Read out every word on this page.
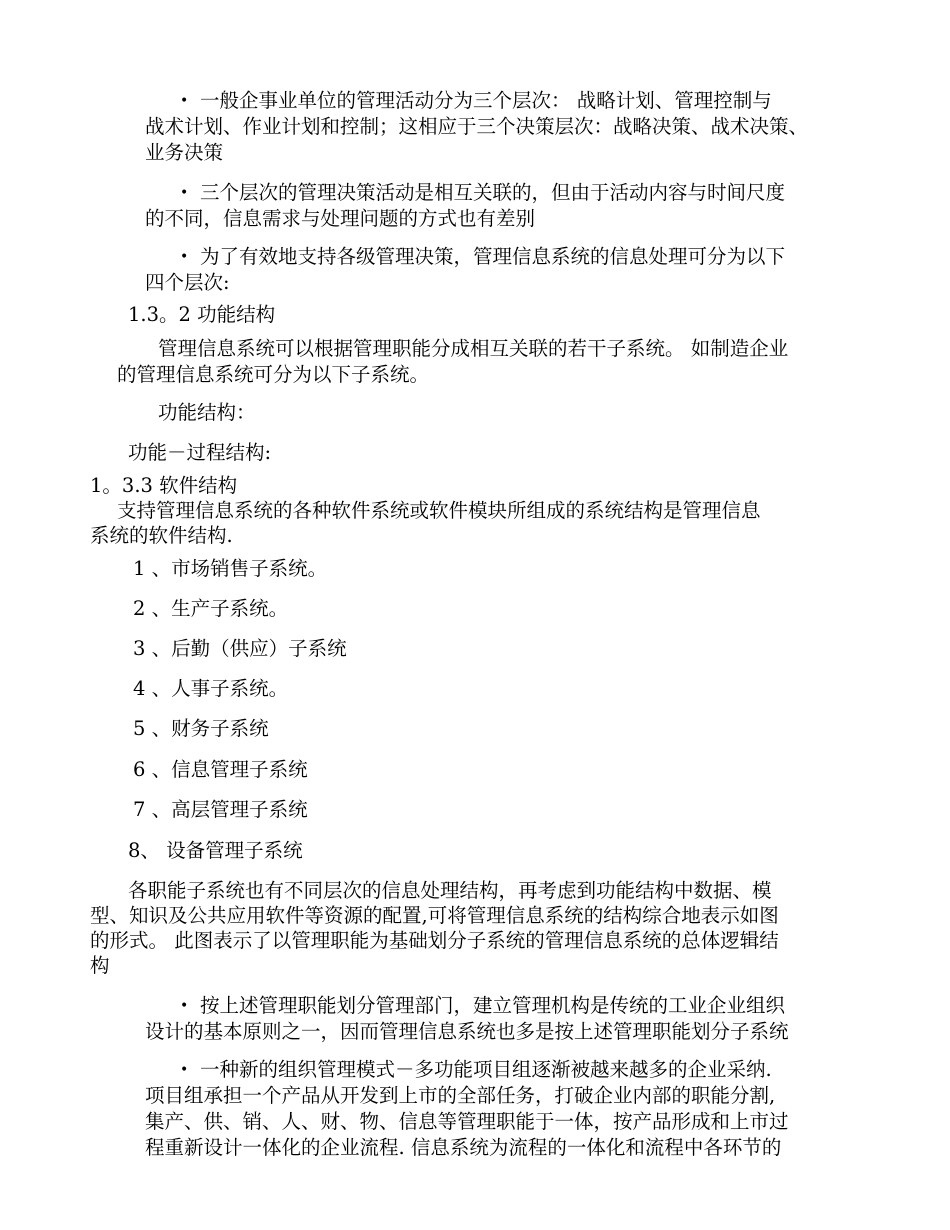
• 一般企事业单位的管理活动分为三个层次： 战略计划、管理控制与
战术计划、作业计划和控制；这相应于三个决策层次：战略决策、战术决策、
业务决策
• 三个层次的管理决策活动是相互关联的，但由于活动内容与时间尺度
的不同，信息需求与处理问题的方式也有差别
• 为了有效地支持各级管理决策，管理信息系统的信息处理可分为以下
四个层次:
1.3。2 功能结构
管理信息系统可以根据管理职能分成相互关联的若干子系统。 如制造企业
的管理信息系统可分为以下子系统。
功能结构：
功能－过程结构:
1。3.3 软件结构
支持管理信息系统的各种软件系统或软件模块所组成的系统结构是管理信息
系统的软件结构.
1 、市场销售子系统。
2 、生产子系统。
3 、后勤（供应）子系统
4 、人事子系统。
5 、财务子系统
6 、信息管理子系统
7 、高层管理子系统
8、 设备管理子系统
各职能子系统也有不同层次的信息处理结构，再考虑到功能结构中数据、模
型、知识及公共应用软件等资源的配置,可将管理信息系统的结构综合地表示如图
的形式。 此图表示了以管理职能为基础划分子系统的管理信息系统的总体逻辑结
构
• 按上述管理职能划分管理部门，建立管理机构是传统的工业企业组织
设计的基本原则之一，因而管理信息系统也多是按上述管理职能划分子系统
• 一种新的组织管理模式－多功能项目组逐渐被越来越多的企业采纳.
项目组承担一个产品从开发到上市的全部任务，打破企业内部的职能分割,
集产、供、销、人、财、物、信息等管理职能于一体，按产品形成和上市过
程重新设计一体化的企业流程. 信息系统为流程的一体化和流程中各环节的
